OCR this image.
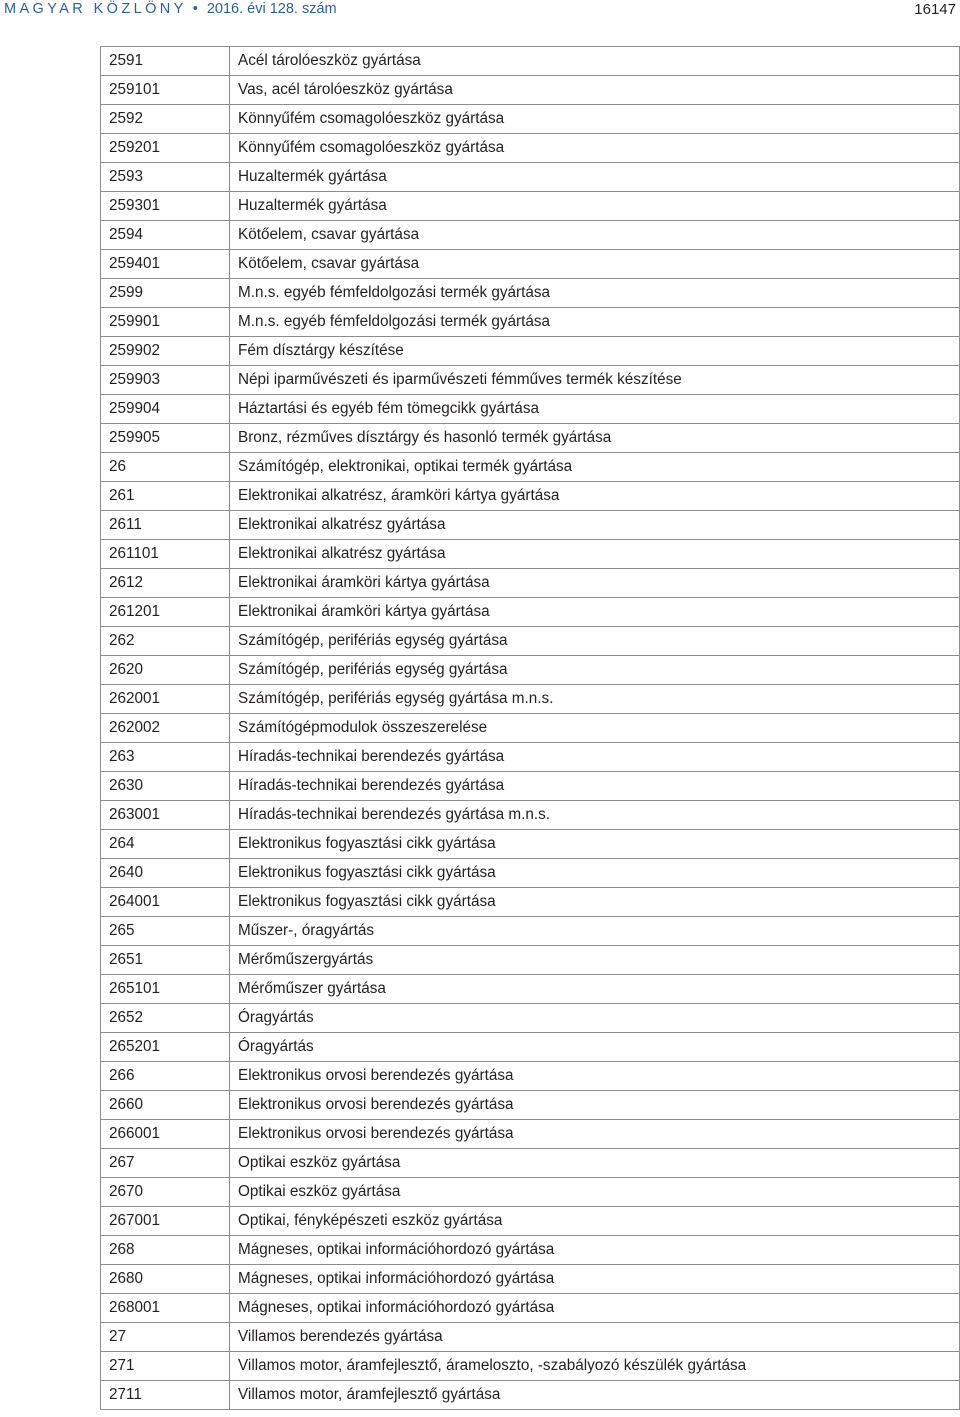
MAGYAR KÖZLÖNY • 2016. évi 128. szám	16147
2591	Acél tárolóeszköz gyártása
259101	Vas, acél tárolóeszköz gyártása
2592	Könnyűfém csomagolóeszköz gyártása
259201	Könnyűfém csomagolóeszköz gyártása
2593	Huzaltermék gyártása
259301	Huzaltermék gyártása
2594	Kötőelem, csavar gyártása
259401	Kötőelem, csavar gyártása
2599	M.n.s. egyéb fémfeldolgozási termék gyártása
259901	M.n.s. egyéb fémfeldolgozási termék gyártása
259902	Fém dísztárgy készítése
259903	Népi iparművészeti és iparművészeti fémműves termék készítése
259904	Háztartási és egyéb fém tömegcikk gyártása
259905	Bronz, rézműves dísztárgy és hasonló termék gyártása
26	Számítógép, elektronikai, optikai termék gyártása
261	Elektronikai alkatrész, áramköri kártya gyártása
2611	Elektronikai alkatrész gyártása
261101	Elektronikai alkatrész gyártása
2612	Elektronikai áramköri kártya gyártása
261201	Elektronikai áramköri kártya gyártása
262	Számítógép, perifériás egység gyártása
2620	Számítógép, perifériás egység gyártása
262001	Számítógép, perifériás egység gyártása m.n.s.
262002	Számítógépmodulok összeszerelése
263	Híradás-technikai berendezés gyártása
2630	Híradás-technikai berendezés gyártása
263001	Híradás-technikai berendezés gyártása m.n.s.
264	Elektronikus fogyasztási cikk gyártása
2640	Elektronikus fogyasztási cikk gyártása
264001	Elektronikus fogyasztási cikk gyártása
265	Műszer-, óragyártás
2651	Mérőműszergyártás
265101	Mérőműszer gyártása
2652	Óragyártás
265201	Óragyártás
266	Elektronikus orvosi berendezés gyártása
2660	Elektronikus orvosi berendezés gyártása
266001	Elektronikus orvosi berendezés gyártása
267	Optikai eszköz gyártása
2670	Optikai eszköz gyártása
267001	Optikai, fényképészeti eszköz gyártása
268	Mágneses, optikai információhordozó gyártása
2680	Mágneses, optikai információhordozó gyártása
268001	Mágneses, optikai információhordozó gyártása
27	Villamos berendezés gyártása
271	Villamos motor, áramfejlesztő, árameloszto, -szabályozó készülék gyártása
2711	Villamos motor, áramfejlesztő gyártása
